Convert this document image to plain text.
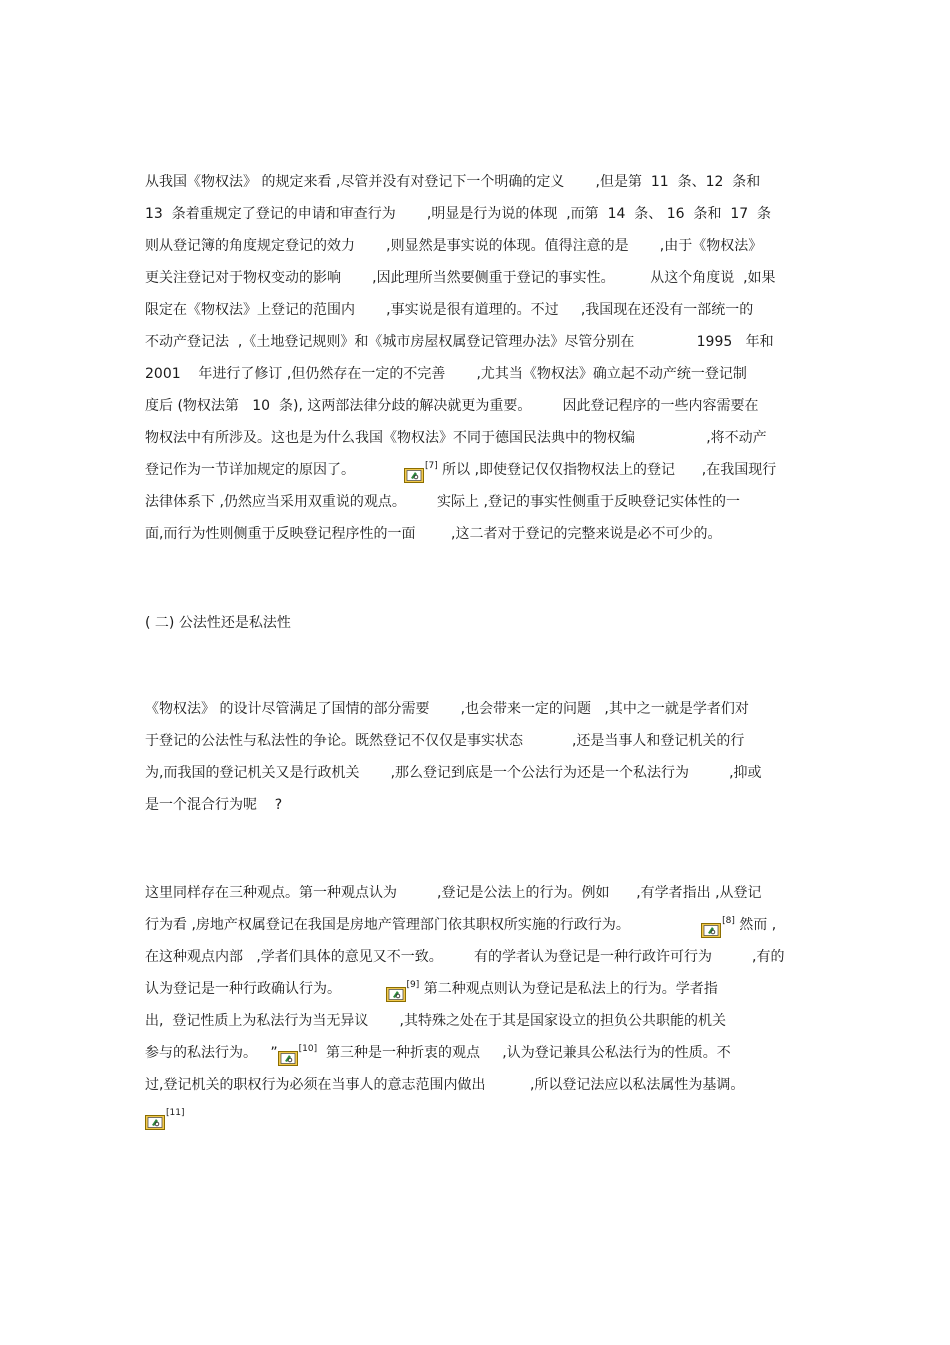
从我国《物权法》 的规定来看 ,尽管并没有对登记下一个明确的定义       ,但是第  11  条、12  条和
13  条着重规定了登记的申请和审查行为       ,明显是行为说的体现  ,而第  14  条、 16  条和  17  条
则从登记簿的角度规定登记的效力       ,则显然是事实说的体现。值得注意的是       ,由于《物权法》
更关注登记对于物权变动的影响       ,因此理所当然要侧重于登记的事实性。        从这个角度说  ,如果
限定在《物权法》上登记的范围内       ,事实说是很有道理的。不过     ,我国现在还没有一部统一的
不动产登记法  ,《土地登记规则》和《城市房屋权属登记管理办法》尽管分别在              1995   年和
2001    年进行了修订 ,但仍然存在一定的不完善       ,尤其当《物权法》确立起不动产统一登记制
度后 (物权法第   10  条), 这两部法律分歧的解决就更为重要。       因此登记程序的一些内容需要在
物权法中有所涉及。这也是为什么我国《物权法》不同于德国民法典中的物权编                ,将不动产
登记作为一节详加规定的原因了。           [7] 所以 ,即使登记仅仅指物权法上的登记      ,在我国现行
法律体系下 ,仍然应当采用双重说的观点。       实际上 ,登记的事实性侧重于反映登记实体性的一
面,而行为性则侧重于反映登记程序性的一面        ,这二者对于登记的完整来说是必不可少的。
( 二) 公法性还是私法性
《物权法》 的设计尽管满足了国情的部分需要       ,也会带来一定的问题   ,其中之一就是学者们对
于登记的公法性与私法性的争论。既然登记不仅仅是事实状态           ,还是当事人和登记机关的行
为,而我国的登记机关又是行政机关       ,那么登记到底是一个公法行为还是一个私法行为         ,抑或
是一个混合行为呢    ?
这里同样存在三种观点。第一种观点认为         ,登记是公法上的行为。例如      ,有学者指出 ,从登记
行为看 ,房地产权属登记在我国是房地产管理部门依其职权所实施的行政行为。                [8] 然而 ,
在这种观点内部   ,学者们具体的意见又不一致。       有的学者认为登记是一种行政许可行为         ,有的
认为登记是一种行政确认行为。          [9] 第二种观点则认为登记是私法上的行为。学者指
出,  登记性质上为私法行为当无异议       ,其特殊之处在于其是国家设立的担负公共职能的机关
参与的私法行为。   ” [10]  第三种是一种折衷的观点     ,认为登记兼具公私法行为的性质。不
过,登记机关的职权行为必须在当事人的意志范围内做出          ,所以登记法应以私法属性为基调。
[11]
